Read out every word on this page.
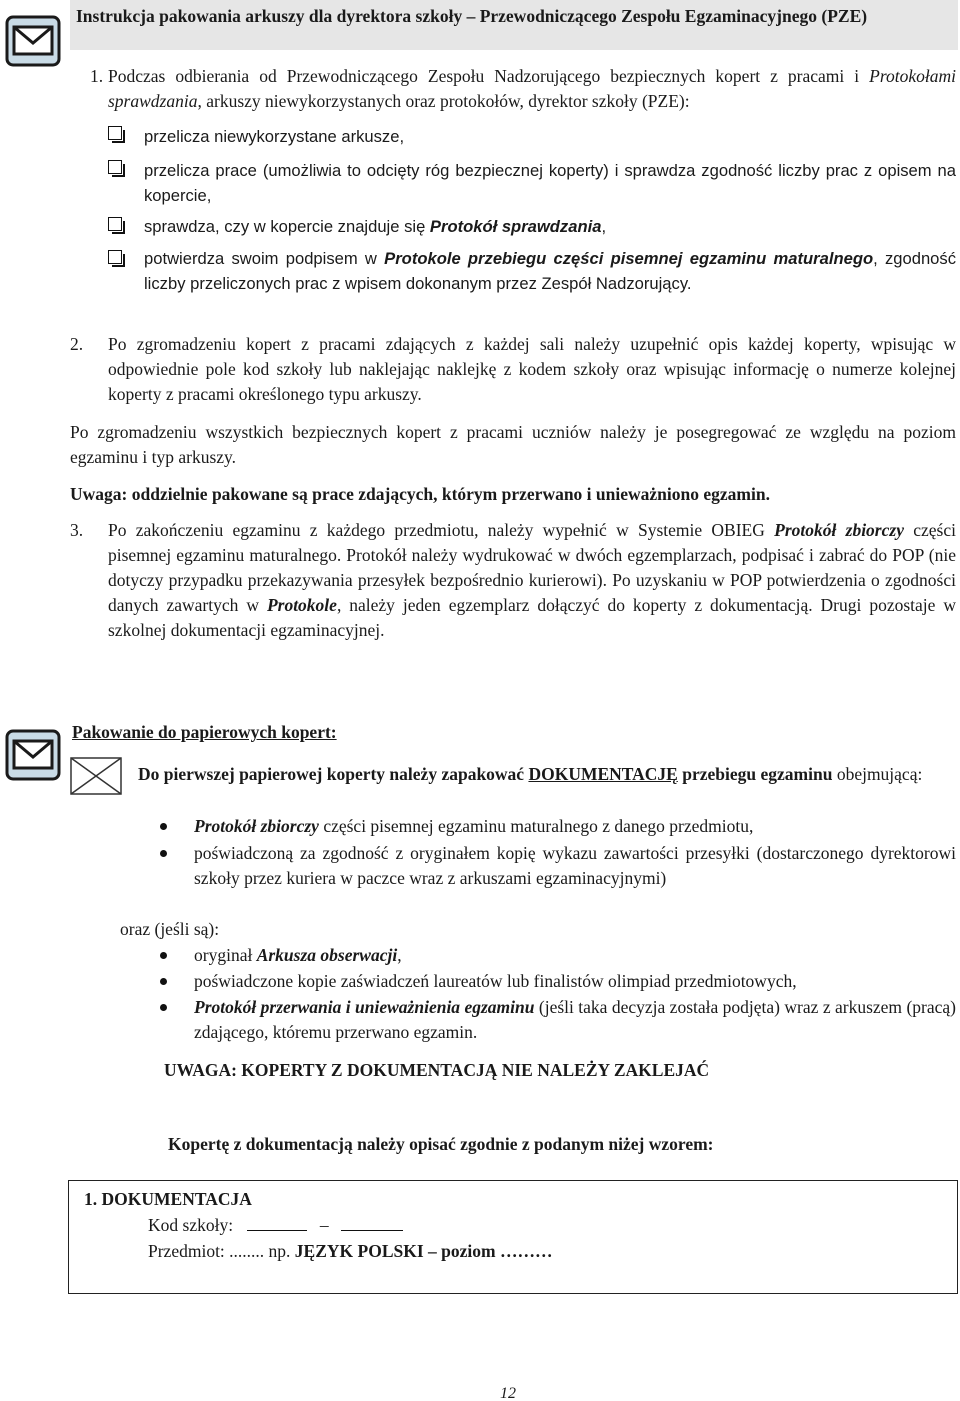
Instrukcja pakowania arkuszy dla dyrektora szkoły – Przewodniczącego Zespołu Egzaminacyjnego (PZE)
1. Podczas odbierania od Przewodniczącego Zespołu Nadzorującego bezpiecznych kopert z pracami i Protokołami sprawdzania, arkuszy niewykorzystanych oraz protokołów, dyrektor szkoły (PZE):
przelicza niewykorzystane arkusze,
przelicza prace (umożliwia to odcięty róg bezpiecznej koperty) i sprawdza zgodność liczby prac z opisem na kopercie,
sprawdza, czy w kopercie znajduje się Protokół sprawdzania,
potwierdza swoim podpisem w Protokole przebiegu części pisemnej egzaminu maturalnego, zgodność liczby przeliczonych prac z wpisem dokonanym przez Zespół Nadzorujący.
2. Po zgromadzeniu kopert z pracami zdających z każdej sali należy uzupełnić opis każdej koperty, wpisując w odpowiednie pole kod szkoły lub naklejając naklejkę z kodem szkoły oraz wpisując informację o numerze kolejnej koperty z pracami określonego typu arkuszy.
Po zgromadzeniu wszystkich bezpiecznych kopert z pracami uczniów należy je posegregować ze względu na poziom egzaminu i typ arkuszy.
Uwaga: oddzielnie pakowane są prace zdających, którym przerwano i unieważniono egzamin.
3. Po zakończeniu egzaminu z każdego przedmiotu, należy wypełnić w Systemie OBIEG Protokół zbiorczy części pisemnej egzaminu maturalnego. Protokół należy wydrukować w dwóch egzemplarzach, podpisać i zabrać do POP (nie dotyczy przypadku przekazywania przesyłek bezpośrednio kurierowi). Po uzyskaniu w POP potwierdzenia o zgodności danych zawartych w Protokole, należy jeden egzemplarz dołączyć do koperty z dokumentacją. Drugi pozostaje w szkolnej dokumentacji egzaminacyjnej.
Pakowanie do papierowych kopert:
Do pierwszej papierowej koperty należy zapakować DOKUMENTACJĘ przebiegu egzaminu obejmującą:
Protokół zbiorczy części pisemnej egzaminu maturalnego z danego przedmiotu,
poświadczoną za zgodność z oryginałem kopię wykazu zawartości przesyłki (dostarczonego dyrektorowi szkoły przez kuriera w paczce wraz z arkuszami egzaminacyjnymi)
oraz (jeśli są):
oryginał Arkusza obserwacji,
poświadczone kopie zaświadczeń laureatów lub finalistów olimpiad przedmiotowych,
Protokół przerwania i unieważnienia egzaminu (jeśli taka decyzja została podjęta) wraz z arkuszem (pracą) zdającego, któremu przerwano egzamin.
UWAGA: KOPERTY Z DOKUMENTACJĄ NIE NALEŻY ZAKLEJAĆ
Kopertę z dokumentacją należy opisać zgodnie z podanym niżej wzorem:
1. DOKUMENTACJA
Kod szkoły:	–
Przedmiot: ........ np. JĘZYK POLSKI – poziom ………
12
